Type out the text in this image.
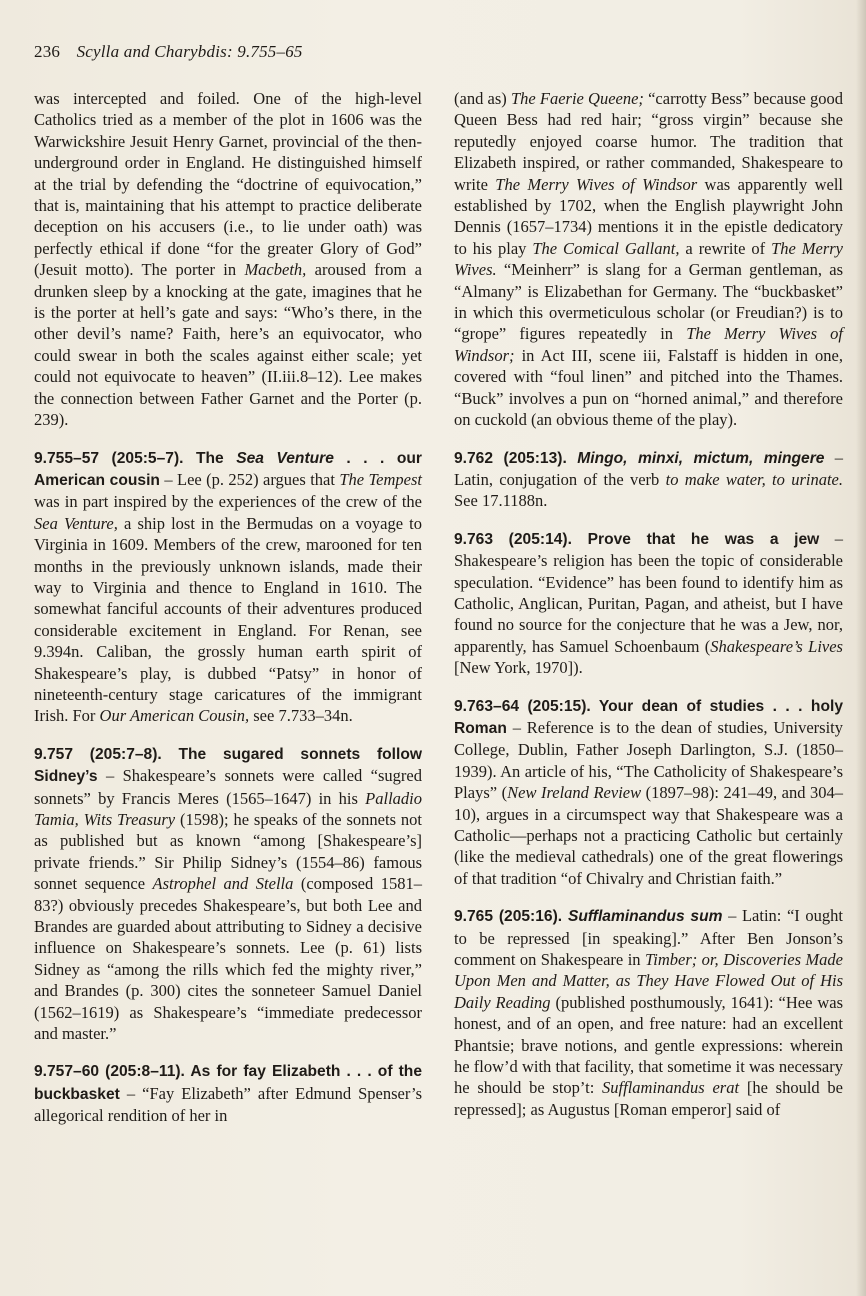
236 Scylla and Charybdis: 9.755–65

was intercepted and foiled. One of the high-level Catholics tried as a member of the plot in 1606 was the Warwickshire Jesuit Henry Garnet, provincial of the then-underground order in England. He distinguished himself at the trial by defending the “doctrine of equivocation,” that is, maintaining that his attempt to practice deliberate deception on his accusers (i.e., to lie under oath) was perfectly ethical if done “for the greater Glory of God” (Jesuit motto). The porter in Macbeth, aroused from a drunken sleep by a knocking at the gate, imagines that he is the porter at hell’s gate and says: “Who’s there, in the other devil’s name? Faith, here’s an equivocator, who could swear in both the scales against either scale; yet could not equivocate to heaven” (II.iii.8–12). Lee makes the connection between Father Garnet and the Porter (p. 239).

9.755–57 (205:5–7). The Sea Venture . . . our American cousin – Lee (p. 252) argues that The Tempest was in part inspired by the experiences of the crew of the Sea Venture, a ship lost in the Bermudas on a voyage to Virginia in 1609. Members of the crew, marooned for ten months in the previously unknown islands, made their way to Virginia and thence to England in 1610. The somewhat fanciful accounts of their adventures produced considerable excitement in England. For Renan, see 9.394n. Caliban, the grossly human earth spirit of Shakespeare’s play, is dubbed “Patsy” in honor of nineteenth-century stage caricatures of the immigrant Irish. For Our American Cousin, see 7.733–34n.

9.757 (205:7–8). The sugared sonnets follow Sidney’s – Shakespeare’s sonnets were called “sugred sonnets” by Francis Meres (1565–1647) in his Palladio Tamia, Wits Treasury (1598); he speaks of the sonnets not as published but as known “among [Shakespeare’s] private friends.” Sir Philip Sidney’s (1554–86) famous sonnet sequence Astrophel and Stella (composed 1581–83?) obviously precedes Shakespeare’s, but both Lee and Brandes are guarded about attributing to Sidney a decisive influence on Shakespeare’s sonnets. Lee (p. 61) lists Sidney as “among the rills which fed the mighty river,” and Brandes (p. 300) cites the sonneteer Samuel Daniel (1562–1619) as Shakespeare’s “immediate predecessor and master.”

9.757–60 (205:8–11). As for fay Elizabeth . . . of the buckbasket – “Fay Elizabeth” after Edmund Spenser’s allegorical rendition of her in

(and as) The Faerie Queene; “carrotty Bess” because good Queen Bess had red hair; “gross virgin” because she reputedly enjoyed coarse humor. The tradition that Elizabeth inspired, or rather commanded, Shakespeare to write The Merry Wives of Windsor was apparently well established by 1702, when the English playwright John Dennis (1657–1734) mentions it in the epistle dedicatory to his play The Comical Gallant, a rewrite of The Merry Wives. “Meinherr” is slang for a German gentleman, as “Almany” is Elizabethan for Germany. The “buckbasket” in which this overmeticulous scholar (or Freudian?) is to “grope” figures repeatedly in The Merry Wives of Windsor; in Act III, scene iii, Falstaff is hidden in one, covered with “foul linen” and pitched into the Thames. “Buck” involves a pun on “horned animal,” and therefore on cuckold (an obvious theme of the play).

9.762 (205:13). Mingo, minxi, mictum, mingere – Latin, conjugation of the verb to make water, to urinate. See 17.1188n.

9.763 (205:14). Prove that he was a jew – Shakespeare’s religion has been the topic of considerable speculation. “Evidence” has been found to identify him as Catholic, Anglican, Puritan, Pagan, and atheist, but I have found no source for the conjecture that he was a Jew, nor, apparently, has Samuel Schoenbaum (Shakespeare’s Lives [New York, 1970]).

9.763–64 (205:15). Your dean of studies . . . holy Roman – Reference is to the dean of studies, University College, Dublin, Father Joseph Darlington, S.J. (1850–1939). An article of his, “The Catholicity of Shakespeare’s Plays” (New Ireland Review (1897–98): 241–49, and 304–10), argues in a circumspect way that Shakespeare was a Catholic—perhaps not a practicing Catholic but certainly (like the medieval cathedrals) one of the great flowerings of that tradition “of Chivalry and Christian faith.”

9.765 (205:16). Sufflaminandus sum – Latin: “I ought to be repressed [in speaking].” After Ben Jonson’s comment on Shakespeare in Timber; or, Discoveries Made Upon Men and Matter, as They Have Flowed Out of His Daily Reading (published posthumously, 1641): “Hee was honest, and of an open, and free nature: had an excellent Phantsie; brave notions, and gentle expressions: wherein he flow’d with that facility, that sometime it was necessary he should be stop’t: Sufflaminandus erat [he should be repressed]; as Augustus [Roman emperor] said of
